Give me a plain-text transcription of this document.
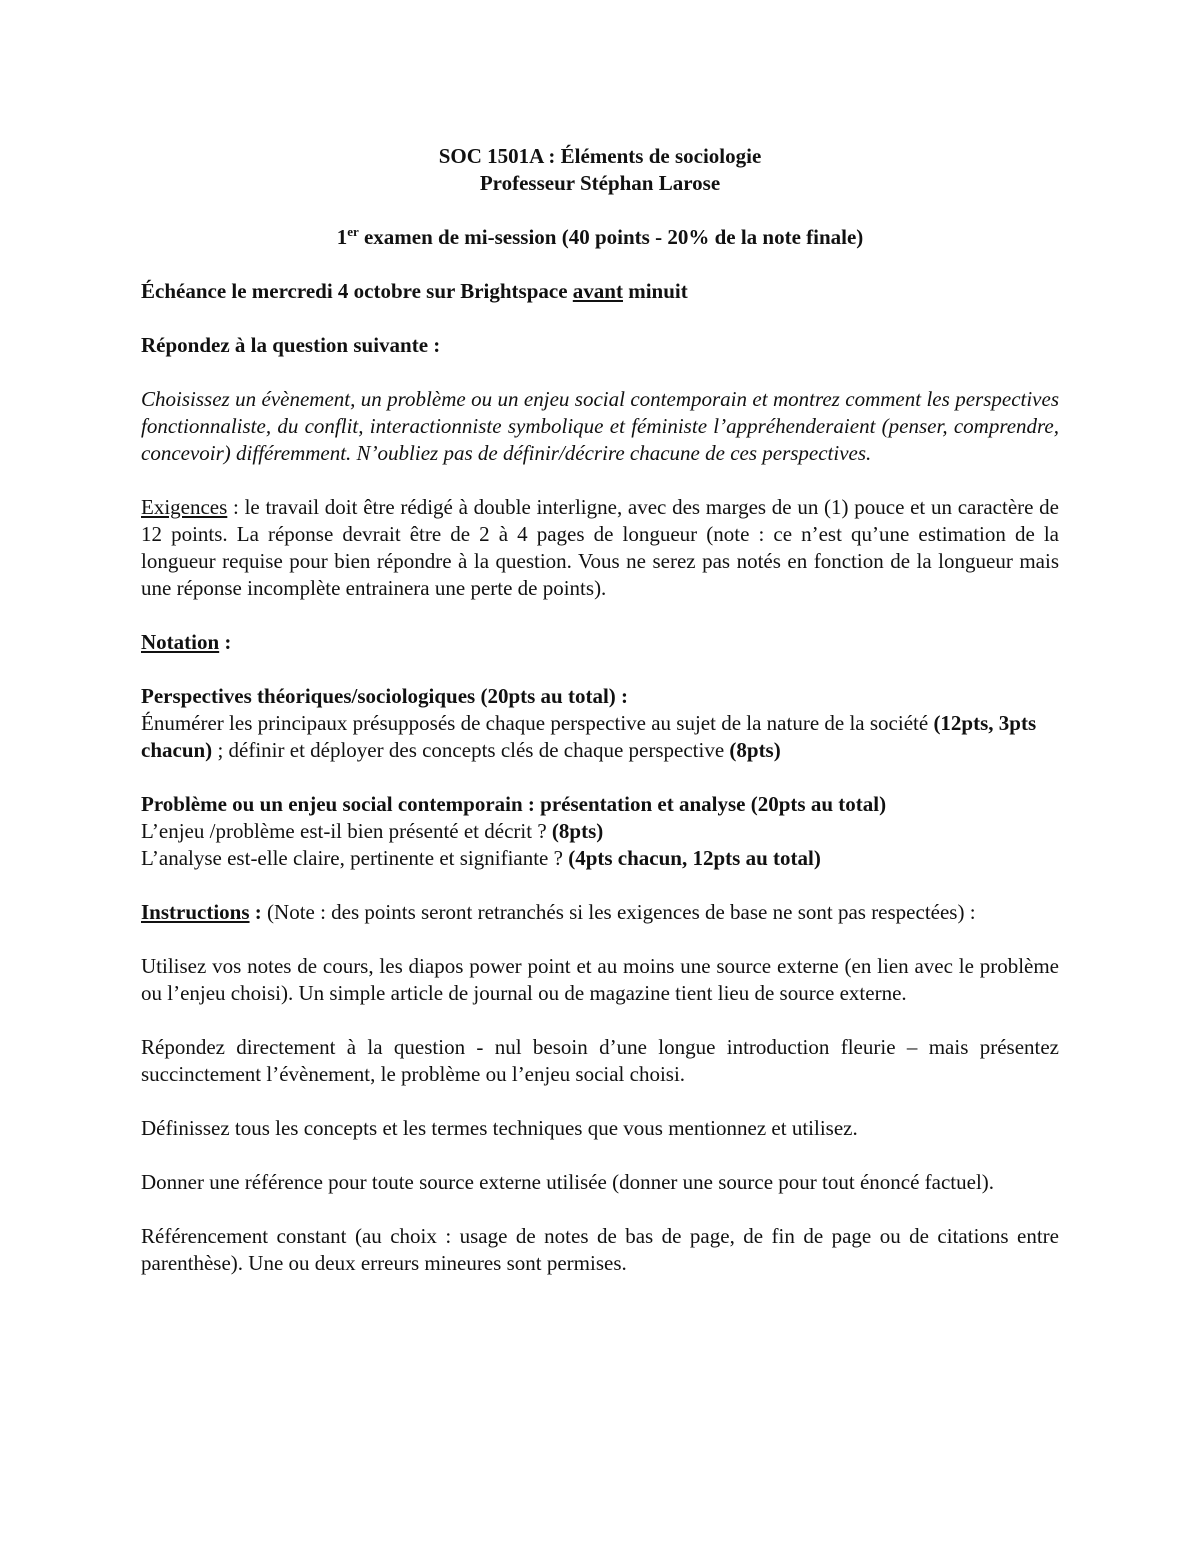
SOC 1501A : Éléments de sociologie

Professeur Stéphan Larose

1er examen de mi-session (40 points - 20% de la note finale)

Échéance le mercredi 4 octobre sur Brightspace avant minuit

Répondez à la question suivante :

Choisissez un évènement, un problème ou un enjeu social contemporain et montrez comment les perspectives fonctionnaliste, du conflit, interactionniste symbolique et féministe l’appréhenderaient (penser, comprendre, concevoir) différemment. N’oubliez pas de définir/décrire chacune de ces perspectives.

Exigences : le travail doit être rédigé à double interligne, avec des marges de un (1) pouce et un caractère de 12 points. La réponse devrait être de 2 à 4 pages de longueur (note : ce n’est qu’une estimation de la longueur requise pour bien répondre à la question. Vous ne serez pas notés en fonction de la longueur mais une réponse incomplète entrainera une perte de points).

Notation :

Perspectives théoriques/sociologiques (20pts au total) :

Énumérer les principaux présupposés de chaque perspective au sujet de la nature de la société (12pts, 3pts chacun) ; définir et déployer des concepts clés de chaque perspective (8pts)

Problème ou un enjeu social contemporain : présentation et analyse (20pts au total)

L’enjeu /problème est-il bien présenté et décrit ? (8pts)

L’analyse est-elle claire, pertinente et signifiante ? (4pts chacun, 12pts au total)

Instructions : (Note : des points seront retranchés si les exigences de base ne sont pas respectées) :

Utilisez vos notes de cours, les diapos power point et au moins une source externe (en lien avec le problème ou l’enjeu choisi). Un simple article de journal ou de magazine tient lieu de source externe.

Répondez directement à la question - nul besoin d’une longue introduction fleurie – mais présentez succinctement l’évènement, le problème ou l’enjeu social choisi.

Définissez tous les concepts et les termes techniques que vous mentionnez et utilisez.

Donner une référence pour toute source externe utilisée (donner une source pour tout énoncé factuel).

Référencement constant (au choix : usage de notes de bas de page, de fin de page ou de citations entre parenthèse). Une ou deux erreurs mineures sont permises.
